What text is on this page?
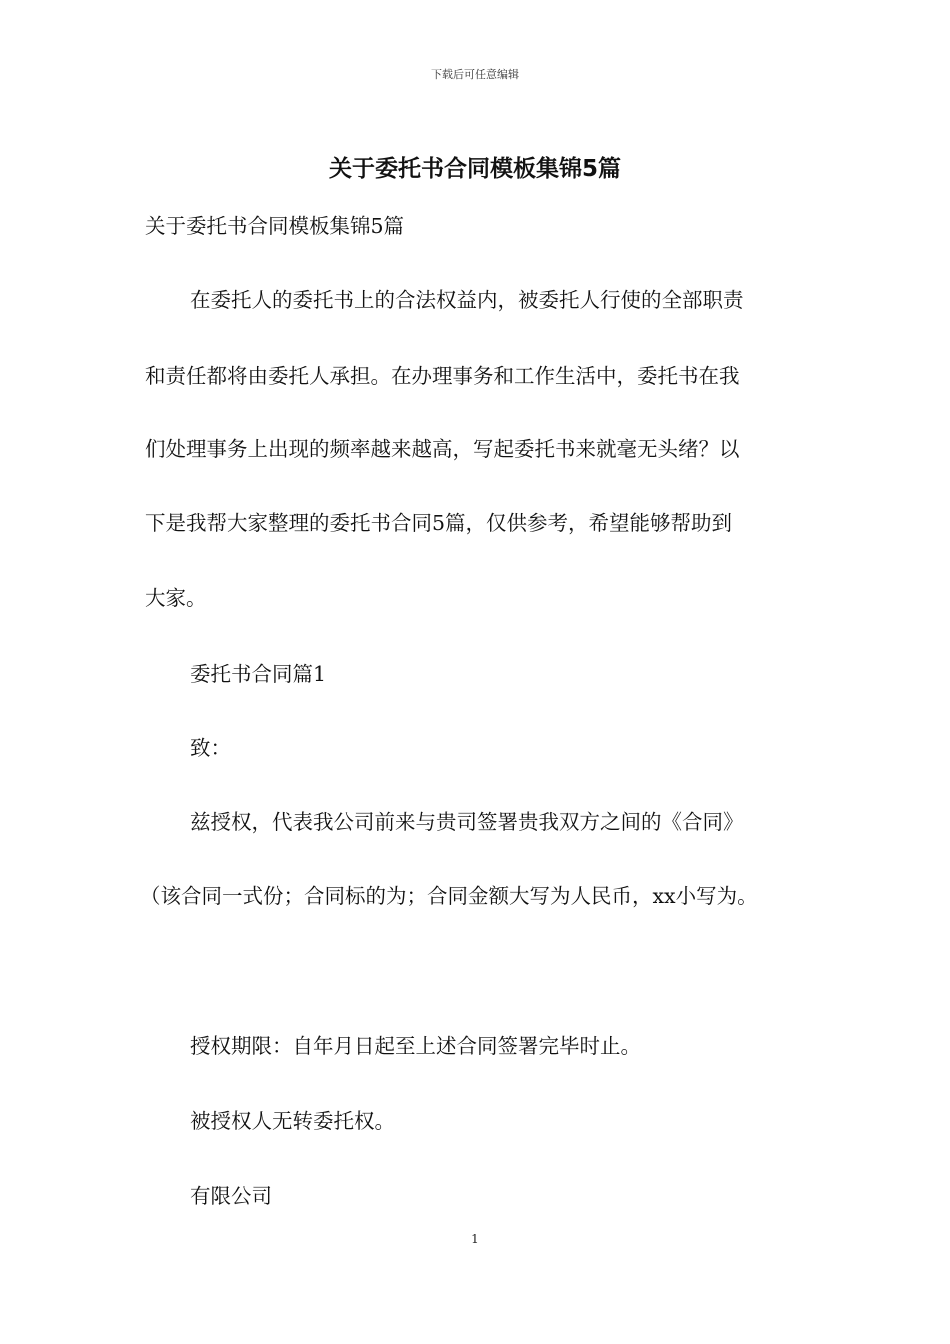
下载后可任意编辑
关于委托书合同模板集锦5篇
关于委托书合同模板集锦5篇
在委托人的委托书上的合法权益内，被委托人行使的全部职责
和责任都将由委托人承担。在办理事务和工作生活中，委托书在我
们处理事务上出现的频率越来越高，写起委托书来就毫无头绪？以
下是我帮大家整理的委托书合同5篇，仅供参考，希望能够帮助到
大家。
委托书合同篇1
致：
兹授权，代表我公司前来与贵司签署贵我双方之间的《合同》
（该合同一式份；合同标的为；合同金额大写为人民币，xx小写为。
授权期限：自年月日起至上述合同签署完毕时止。
被授权人无转委托权。
有限公司
1
